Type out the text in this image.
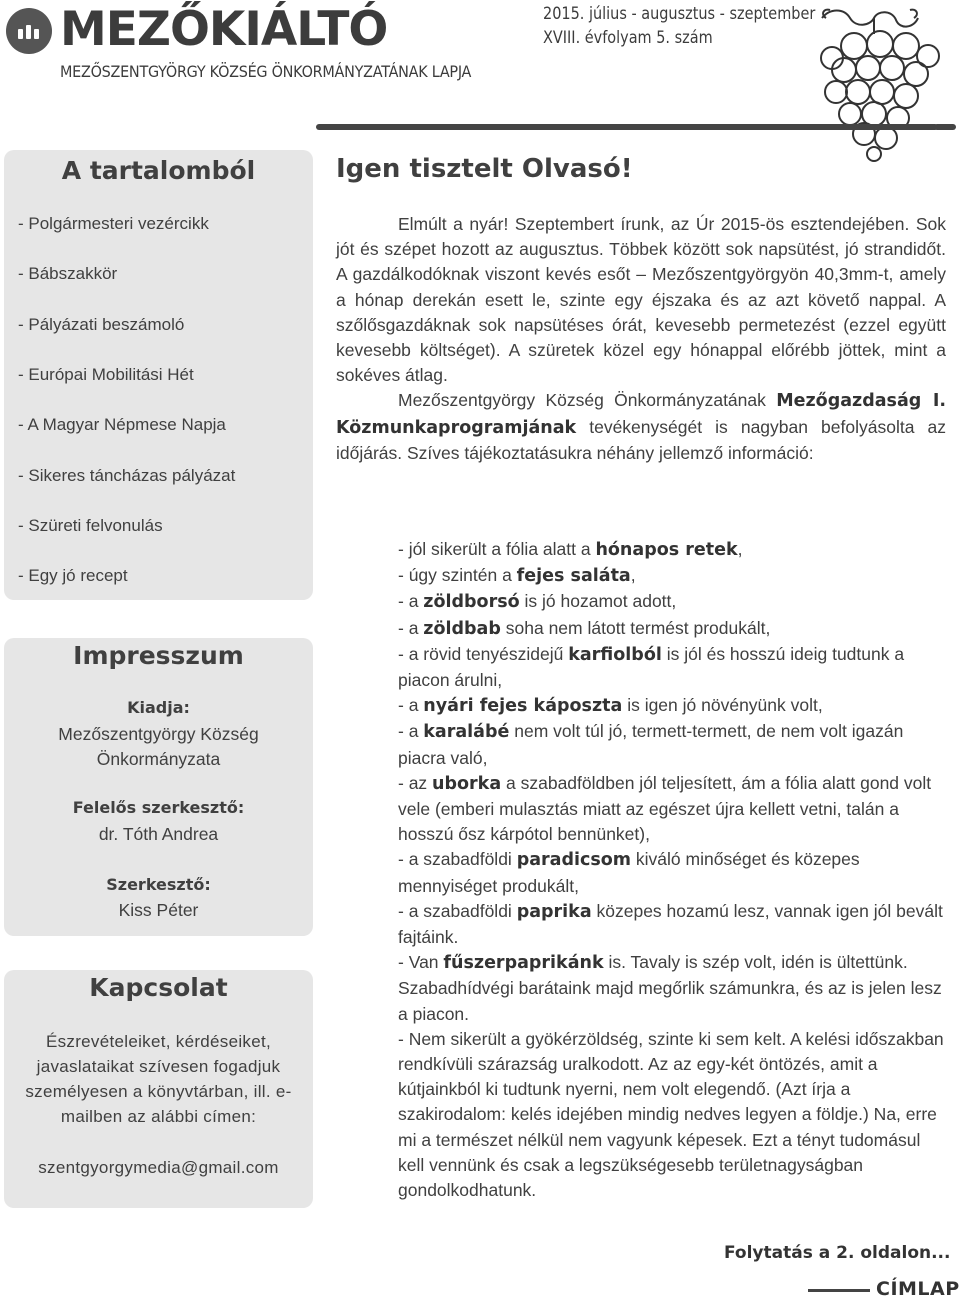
MEZŐKIÁLTÓ
MEZŐSZENTGYÖRGY KÖZSÉG ÖNKORMÁNYZATÁNAK LAPJA
2015. július - augusztus - szeptember
XVIII. évfolyam 5. szám
A tartalomból
- Polgármesteri vezércikk
- Bábszakkör
- Pályázati beszámoló
- Európai Mobilitási Hét
- A Magyar Népmese Napja
- Sikeres táncházas pályázat
- Szüreti felvonulás
- Egy jó recept
Impresszum
Kiadja:
Mezőszentgyörgy Község
Önkormányzata
Felelős szerkesztő:
dr. Tóth Andrea
Szerkesztő:
Kiss Péter
Kapcsolat
Észrevételeiket, kérdéseiket,
javaslataikat szívesen fogadjuk
személyesen a könyvtárban, ill. e-
mailben az alábbi címen:
szentgyorgymedia@gmail.com
Igen tisztelt Olvasó!

Elmúlt a nyár! Szeptembert írunk, az Úr 2015-ös esztendejében. Sok jót és szépet hozott az augusztus. Többek között sok napsütést, jó strandidőt. A gazdálkodóknak viszont kevés esőt – Mezőszentgyörgyön 40,3mm-t, amely a hónap derekán esett le, szinte egy éjszaka és az azt követő nappal. A szőlősgazdáknak sok napsütéses órát, kevesebb permetezést (ezzel együtt kevesebb költséget). A szüretek közel egy hónappal előrébb jöttek, mint a sokéves átlag.

Mezőszentgyörgy Község Önkormányzatának Mezőgazdaság I. Közmunkaprogramjának tevékenységét is nagyban befolyásolta az időjárás. Szíves tájékoztatásukra néhány jellemző információ:

- jól sikerült a fólia alatt a hónapos retek,
- úgy szintén a fejes saláta,
- a zöldborsó is jó hozamot adott,
- a zöldbab soha nem látott termést produkált,
- a rövid tenyészidejű karfiolból is jól és hosszú ideig tudtunk a piacon árulni,
- a nyári fejes káposzta is igen jó növényünk volt,
- a karalábé nem volt túl jó, termett-termett, de nem volt igazán piacra való,
- az uborka a szabadföldben jól teljesített, ám a fólia alatt gond volt vele (emberi mulasztás miatt az egészet újra kellett vetni, talán a hosszú ősz kárpótol bennünket),
- a szabadföldi paradicsom kiváló minőséget és közepes mennyiséget produkált,
- a szabadföldi paprika közepes hozamú lesz, vannak igen jól bevált fajtáink.
- Van fűszerpaprikánk is. Tavaly is szép volt, idén is ültettünk. Szabadhídvégi barátaink majd megőrlik számunkra, és az is jelen lesz a piacon.
- Nem sikerült a gyökérzöldség, szinte ki sem kelt. A kelési időszakban rendkívüli szárazság uralkodott. Az az egy-két öntözés, amit a kútjainkból ki tudtunk nyerni, nem volt elegendő. (Azt írja a szakirodalom: kelés idejében mindig nedves legyen a földje.) Na, erre mi a természet nélkül nem vagyunk képesek. Ezt a tényt tudomásul kell vennünk és csak a legszükségesebb területnagyságban gondolkodhatunk.
Folytatás a 2. oldalon...
CÍMLAP
